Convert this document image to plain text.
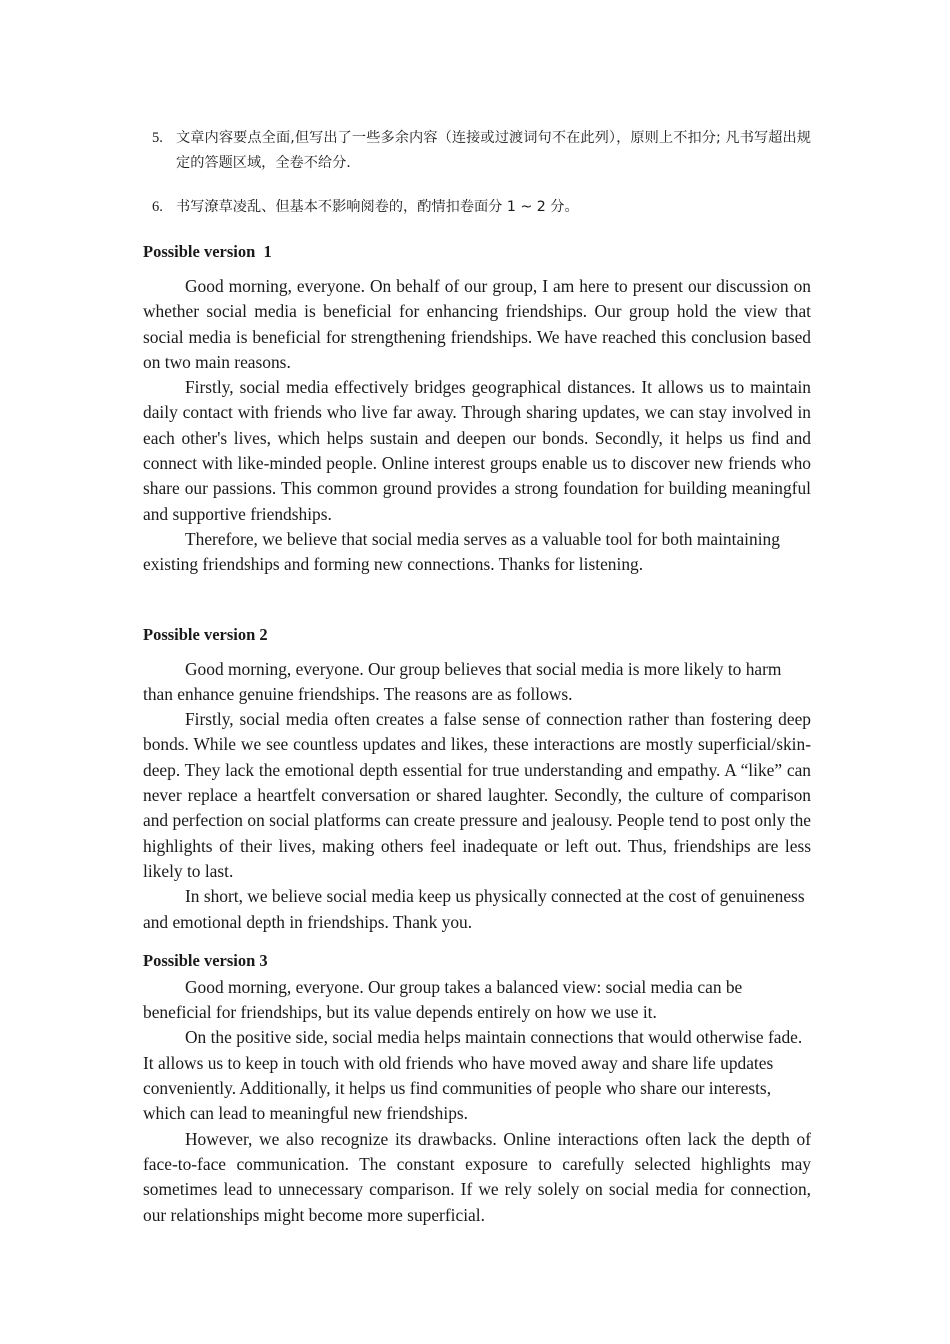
5. 文章内容要点全面,但写出了一些多余内容（连接或过渡词句不在此列），原则上不扣分; 凡书写超出规定的答题区域，全卷不给分.
6. 书写潦草凌乱、但基本不影响阅卷的，酌情扣卷面分 1 ~ 2 分。
Possible version  1

Good morning, everyone. On behalf of our group, I am here to present our discussion on whether social media is beneficial for enhancing friendships. Our group hold the view that social media is beneficial for strengthening friendships. We have reached this conclusion based on two main reasons.

Firstly, social media effectively bridges geographical distances. It allows us to maintain daily contact with friends who live far away. Through sharing updates, we can stay involved in each other's lives, which helps sustain and deepen our bonds. Secondly, it helps us find and connect with like-minded people. Online interest groups enable us to discover new friends who share our passions. This common ground provides a strong foundation for building meaningful and supportive friendships.

Therefore, we believe that social media serves as a valuable tool for both maintaining existing friendships and forming new connections. Thanks for listening.

Possible version 2

Good morning, everyone. Our group believes that social media is more likely to harm than enhance genuine friendships. The reasons are as follows.

Firstly, social media often creates a false sense of connection rather than fostering deep bonds. While we see countless updates and likes, these interactions are mostly superficial/skin-deep. They lack the emotional depth essential for true understanding and empathy. A “like” can never replace a heartfelt conversation or shared laughter. Secondly, the culture of comparison and perfection on social platforms can create pressure and jealousy. People tend to post only the highlights of their lives, making others feel inadequate or left out. Thus, friendships are less likely to last.

In short, we believe social media keep us physically connected at the cost of genuineness and emotional depth in friendships. Thank you.

Possible version 3

Good morning, everyone. Our group takes a balanced view: social media can be beneficial for friendships, but its value depends entirely on how we use it.

On the positive side, social media helps maintain connections that would otherwise fade. It allows us to keep in touch with old friends who have moved away and share life updates conveniently. Additionally, it helps us find communities of people who share our interests, which can lead to meaningful new friendships.

However, we also recognize its drawbacks. Online interactions often lack the depth of face-to-face communication. The constant exposure to carefully selected highlights may sometimes lead to unnecessary comparison. If we rely solely on social media for connection, our relationships might become more superficial.
